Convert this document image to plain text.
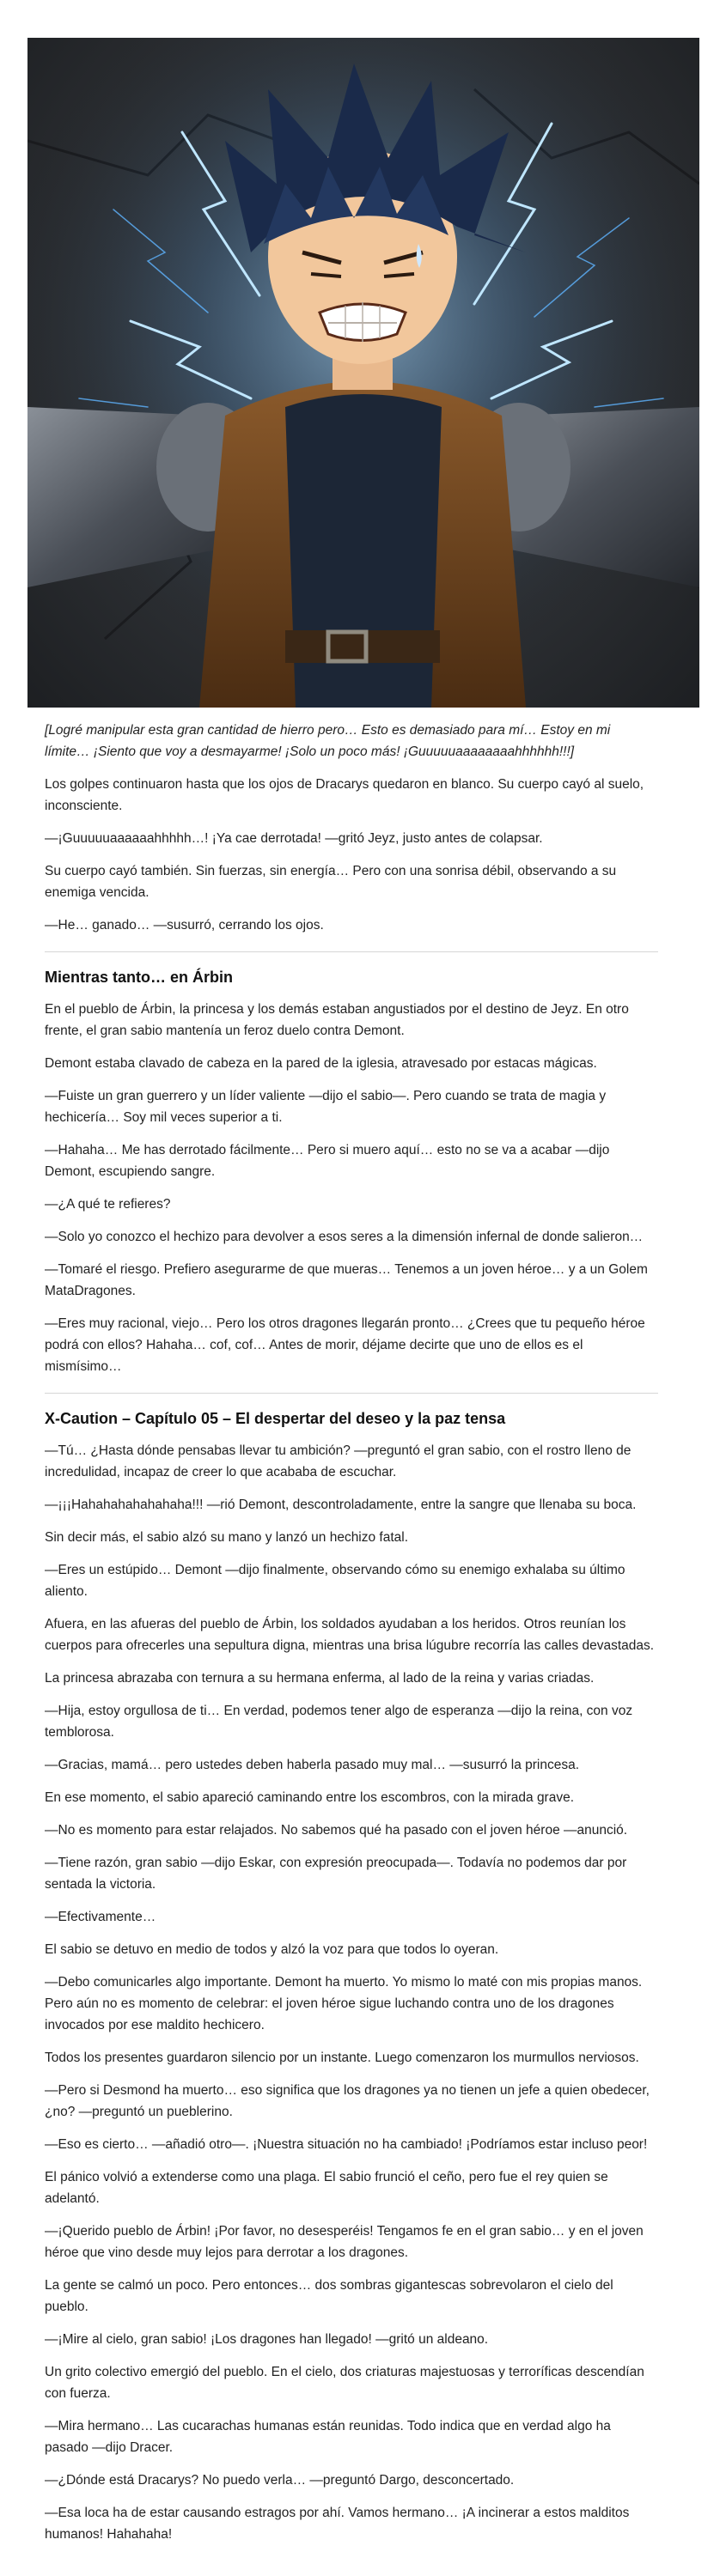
[Logré manipular esta gran cantidad de hierro pero… Esto es demasiado para mí… Estoy en mi límite… ¡Siento que voy a desmayarme! ¡Solo un poco más! ¡Guuuuuaaaaaaaahhhhhh!!!]

Los golpes continuaron hasta que los ojos de Dracarys quedaron en blanco. Su cuerpo cayó al suelo, inconsciente.

—¡Guuuuuaaaaaahhhhh…! ¡Ya cae derrotada! —gritó Jeyz, justo antes de colapsar.

Su cuerpo cayó también. Sin fuerzas, sin energía… Pero con una sonrisa débil, observando a su enemiga vencida.

—He… ganado… —susurró, cerrando los ojos.

Mientras tanto… en Árbin

En el pueblo de Árbin, la princesa y los demás estaban angustiados por el destino de Jeyz. En otro frente, el gran sabio mantenía un feroz duelo contra Demont.

Demont estaba clavado de cabeza en la pared de la iglesia, atravesado por estacas mágicas.

—Fuiste un gran guerrero y un líder valiente —dijo el sabio—. Pero cuando se trata de magia y hechicería… Soy mil veces superior a ti.

—Hahaha… Me has derrotado fácilmente… Pero si muero aquí… esto no se va a acabar —dijo Demont, escupiendo sangre.

—¿A qué te refieres?

—Solo yo conozco el hechizo para devolver a esos seres a la dimensión infernal de donde salieron…

—Tomaré el riesgo. Prefiero asegurarme de que mueras… Tenemos a un joven héroe… y a un Golem MataDragones.

—Eres muy racional, viejo… Pero los otros dragones llegarán pronto… ¿Crees que tu pequeño héroe podrá con ellos? Hahaha… cof, cof… Antes de morir, déjame decirte que uno de ellos es el mismísimo…

X-Caution – Capítulo 05 – El despertar del deseo y la paz tensa

—Tú… ¿Hasta dónde pensabas llevar tu ambición? —preguntó el gran sabio, con el rostro lleno de incredulidad, incapaz de creer lo que acababa de escuchar.

—¡¡¡Hahahahahahahaha!!! —rió Demont, descontroladamente, entre la sangre que llenaba su boca.

Sin decir más, el sabio alzó su mano y lanzó un hechizo fatal.

—Eres un estúpido… Demont —dijo finalmente, observando cómo su enemigo exhalaba su último aliento.

Afuera, en las afueras del pueblo de Árbin, los soldados ayudaban a los heridos. Otros reunían los cuerpos para ofrecerles una sepultura digna, mientras una brisa lúgubre recorría las calles devastadas.

La princesa abrazaba con ternura a su hermana enferma, al lado de la reina y varias criadas.

—Hija, estoy orgullosa de ti… En verdad, podemos tener algo de esperanza —dijo la reina, con voz temblorosa.

—Gracias, mamá… pero ustedes deben haberla pasado muy mal… —susurró la princesa.

En ese momento, el sabio apareció caminando entre los escombros, con la mirada grave.

—No es momento para estar relajados. No sabemos qué ha pasado con el joven héroe —anunció.

—Tiene razón, gran sabio —dijo Eskar, con expresión preocupada—. Todavía no podemos dar por sentada la victoria.

—Efectivamente…

El sabio se detuvo en medio de todos y alzó la voz para que todos lo oyeran.

—Debo comunicarles algo importante. Demont ha muerto. Yo mismo lo maté con mis propias manos. Pero aún no es momento de celebrar: el joven héroe sigue luchando contra uno de los dragones invocados por ese maldito hechicero.

Todos los presentes guardaron silencio por un instante. Luego comenzaron los murmullos nerviosos.

—Pero si Desmond ha muerto… eso significa que los dragones ya no tienen un jefe a quien obedecer, ¿no? —preguntó un pueblerino.

—Eso es cierto… —añadió otro—. ¡Nuestra situación no ha cambiado! ¡Podríamos estar incluso peor!

El pánico volvió a extenderse como una plaga. El sabio frunció el ceño, pero fue el rey quien se adelantó.

—¡Querido pueblo de Árbin! ¡Por favor, no desesperéis! Tengamos fe en el gran sabio… y en el joven héroe que vino desde muy lejos para derrotar a los dragones.

La gente se calmó un poco. Pero entonces… dos sombras gigantescas sobrevolaron el cielo del pueblo.

—¡Mire al cielo, gran sabio! ¡Los dragones han llegado! —gritó un aldeano.

Un grito colectivo emergió del pueblo. En el cielo, dos criaturas majestuosas y terroríficas descendían con fuerza.

—Mira hermano… Las cucarachas humanas están reunidas. Todo indica que en verdad algo ha pasado —dijo Dracer.

—¿Dónde está Dracarys? No puedo verla… —preguntó Dargo, desconcertado.

—Esa loca ha de estar causando estragos por ahí. Vamos hermano… ¡A incinerar a estos malditos humanos! Hahahaha!
